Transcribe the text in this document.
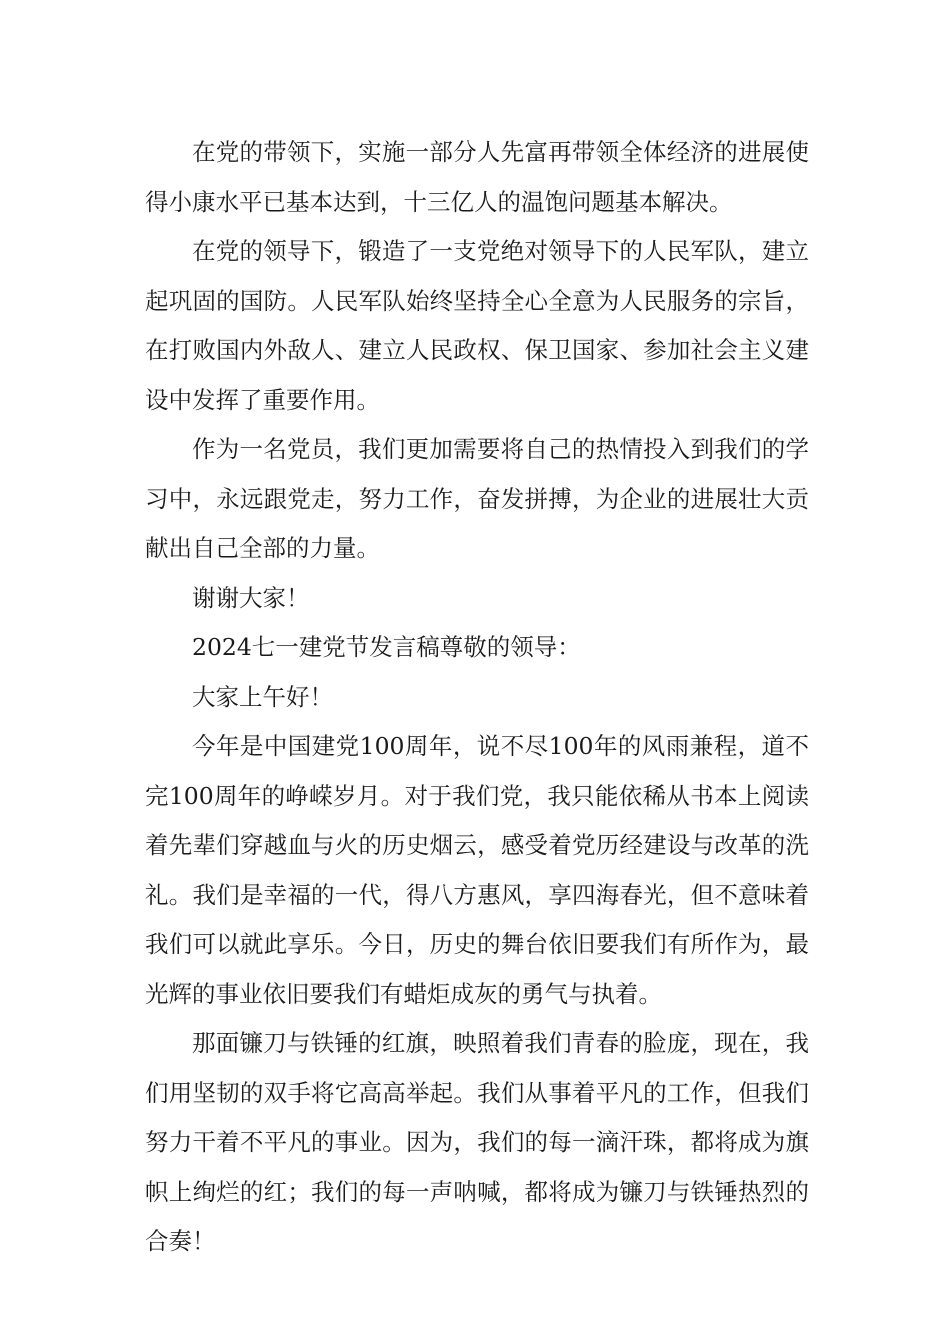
在党的带领下，实施一部分人先富再带领全体经济的进展使得小康水平已基本达到，十三亿人的温饱问题基本解决。

在党的领导下，锻造了一支党绝对领导下的人民军队，建立起巩固的国防。人民军队始终坚持全心全意为人民服务的宗旨，在打败国内外敌人、建立人民政权、保卫国家、参加社会主义建设中发挥了重要作用。

作为一名党员，我们更加需要将自己的热情投入到我们的学习中，永远跟党走，努力工作，奋发拼搏，为企业的进展壮大贡献出自己全部的力量。

谢谢大家！

2024七一建党节发言稿尊敬的领导：

大家上午好！

今年是中国建党100周年，说不尽100年的风雨兼程，道不完100周年的峥嵘岁月。对于我们党，我只能依稀从书本上阅读着先辈们穿越血与火的历史烟云，感受着党历经建设与改革的洗礼。我们是幸福的一代，得八方惠风，享四海春光，但不意味着我们可以就此享乐。今日，历史的舞台依旧要我们有所作为，最光辉的事业依旧要我们有蜡炬成灰的勇气与执着。

那面镰刀与铁锤的红旗，映照着我们青春的脸庞，现在，我们用坚韧的双手将它高高举起。我们从事着平凡的工作，但我们努力干着不平凡的事业。因为，我们的每一滴汗珠，都将成为旗帜上绚烂的红；我们的每一声呐喊，都将成为镰刀与铁锤热烈的合奏！
